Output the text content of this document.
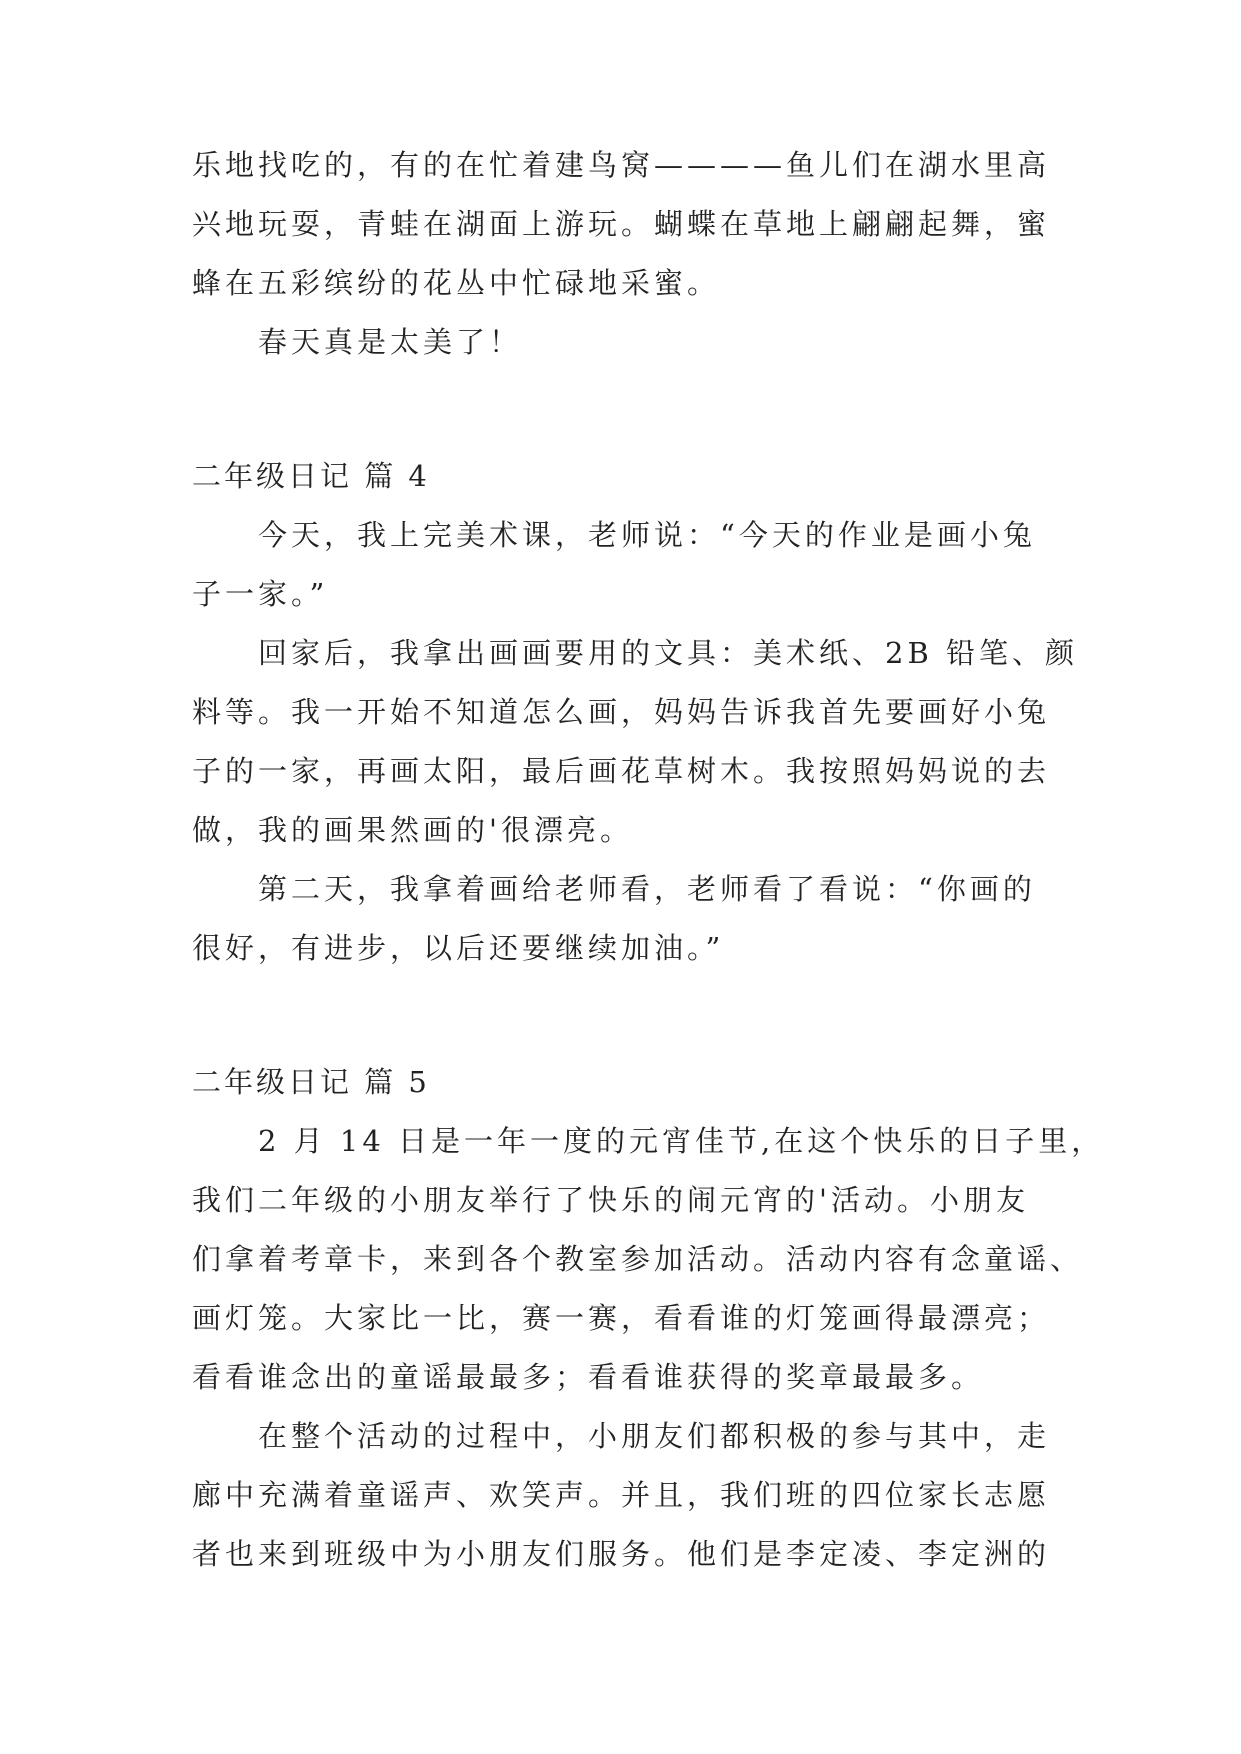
乐地找吃的，有的在忙着建鸟窝————鱼儿们在湖水里高
兴地玩耍，青蛙在湖面上游玩。蝴蝶在草地上翩翩起舞，蜜
蜂在五彩缤纷的花丛中忙碌地采蜜。
春天真是太美了！
二年级日记 篇 4
今天，我上完美术课，老师说：“今天的作业是画小兔
子一家。”
回家后，我拿出画画要用的文具：美术纸、2B 铅笔、颜
料等。我一开始不知道怎么画，妈妈告诉我首先要画好小兔
子的一家，再画太阳，最后画花草树木。我按照妈妈说的去
做，我的画果然画的'很漂亮。
第二天，我拿着画给老师看，老师看了看说：“你画的
很好，有进步，以后还要继续加油。”
二年级日记 篇 5
2 月 14 日是一年一度的元宵佳节,在这个快乐的日子里，
我们二年级的小朋友举行了快乐的闹元宵的'活动。小朋友
们拿着考章卡，来到各个教室参加活动。活动内容有念童谣、
画灯笼。大家比一比，赛一赛，看看谁的灯笼画得最漂亮；
看看谁念出的童谣最最多；看看谁获得的奖章最最多。
在整个活动的过程中，小朋友们都积极的参与其中，走
廊中充满着童谣声、欢笑声。并且，我们班的四位家长志愿
者也来到班级中为小朋友们服务。他们是李定凌、李定洲的
